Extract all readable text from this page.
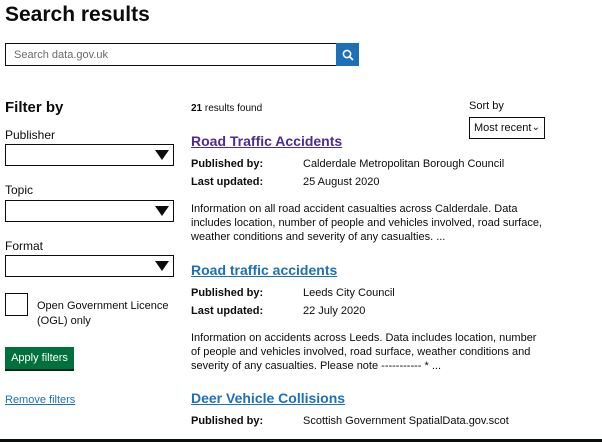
Search results
Search data.gov.uk
Filter by
Publisher
Topic
Format
Open Government Licence (OGL) only
Apply filters
Remove filters
21 results found	Sort by
Most recent ⌄
Road Traffic Accidents
Published by:	Calderdale Metropolitan Borough Council
Last updated:	25 August 2020
Information on all road accident casualties across Calderdale. Data includes location, number of people and vehicles involved, road surface, weather conditions and severity of any casualties. ...
Road traffic accidents
Published by:	Leeds City Council
Last updated:	22 July 2020
Information on accidents across Leeds. Data includes location, number of people and vehicles involved, road surface, weather conditions and severity of any casualties. Please note ----------- * ...
Deer Vehicle Collisions
Published by:	Scottish Government SpatialData.gov.scot
